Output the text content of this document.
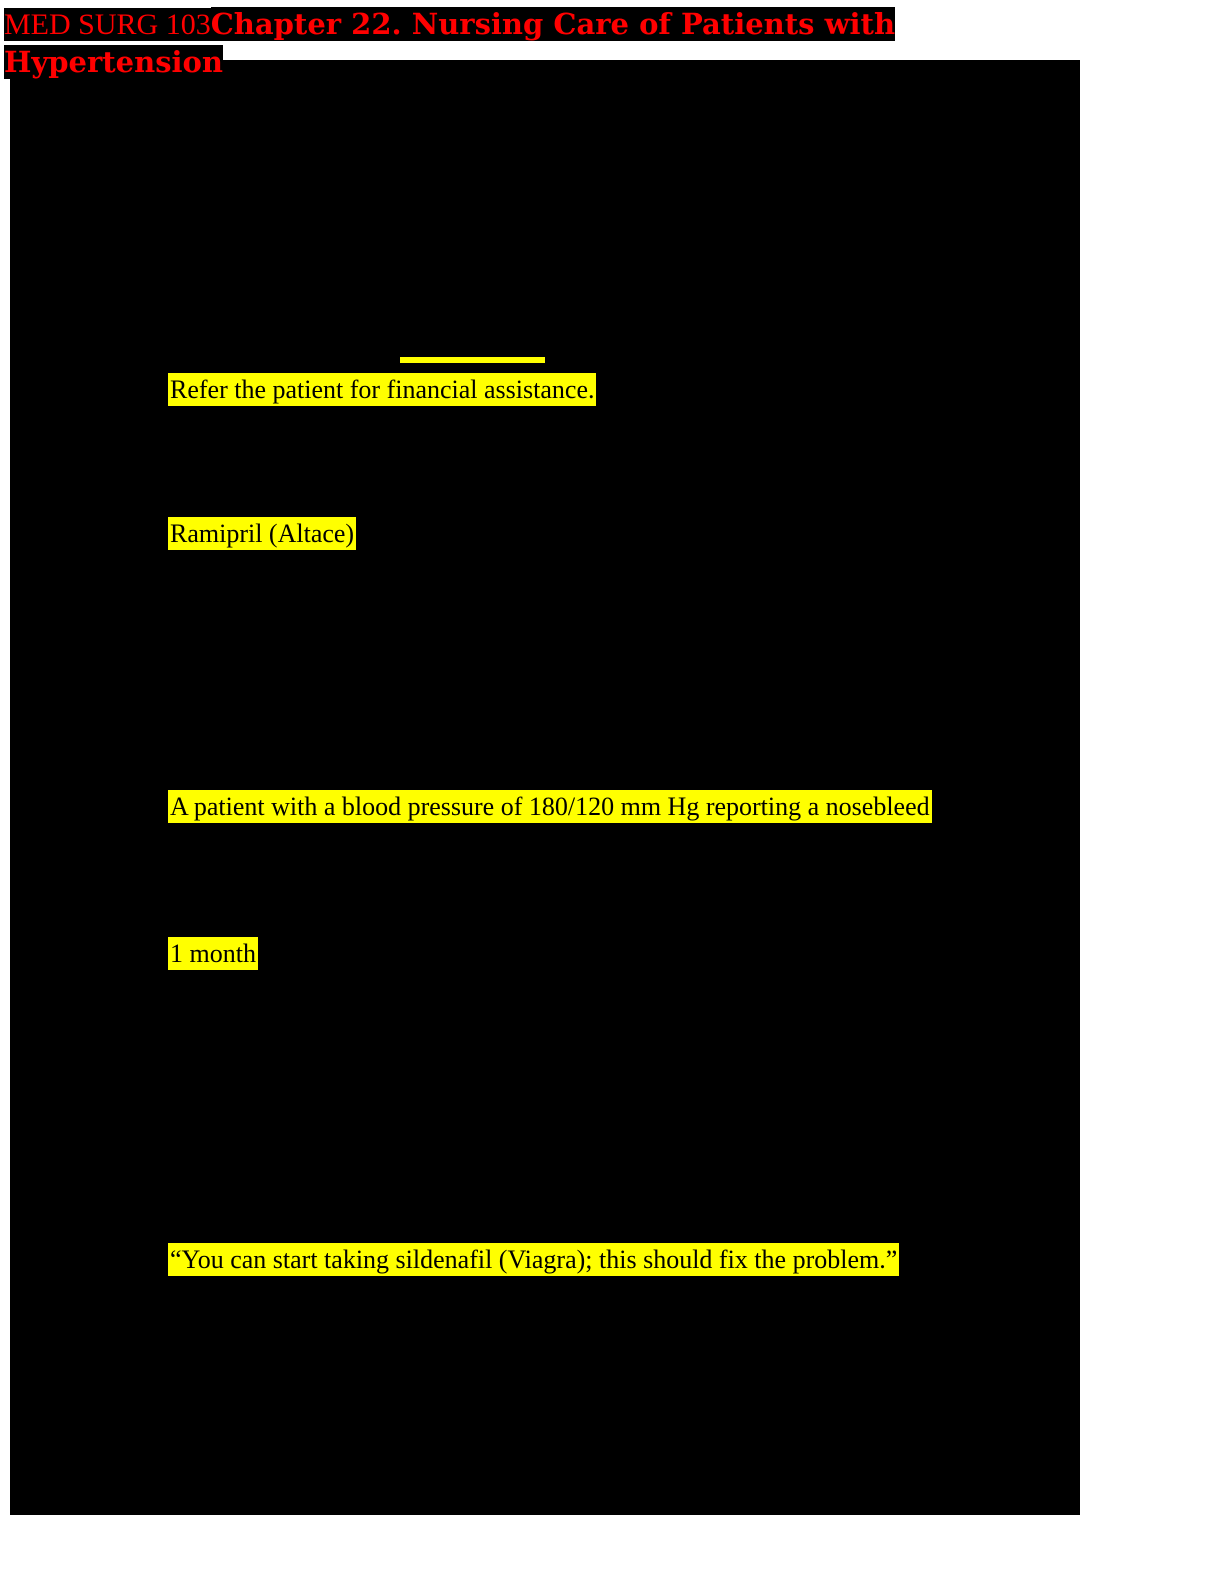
MED SURG 103Chapter 22. Nursing Care of Patients with Hypertension
Refer the patient for financial assistance.
Ramipril (Altace)
A patient with a blood pressure of 180/120 mm Hg reporting a nosebleed
1 month
“You can start taking sildenafil (Viagra); this should fix the problem.”
